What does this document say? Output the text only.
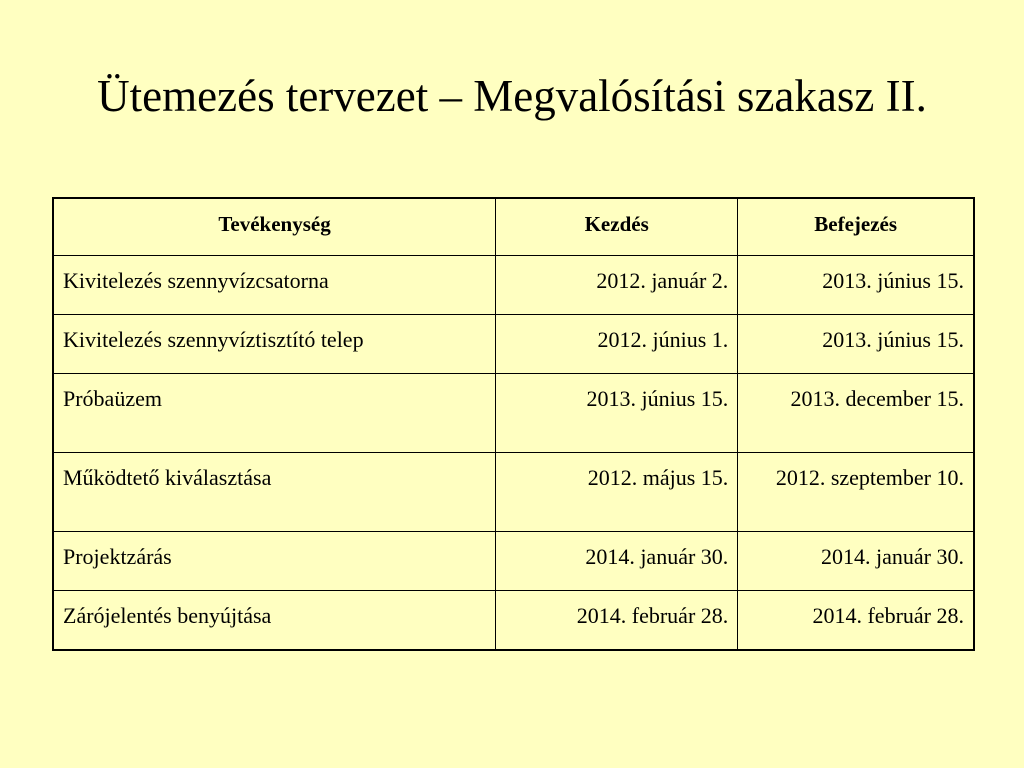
Ütemezés tervezet – Megvalósítási szakasz II.
Tevékenység	Kezdés	Befejezés
Kivitelezés szennyvízcsatorna	2012. január 2.	2013. június 15.
Kivitelezés szennyvíztisztító telep	2012. június 1.	2013. június 15.
Próbaüzem	2013. június 15.	2013. december 15.
Működtető kiválasztása	2012. május 15.	2012. szeptember 10.
Projektzárás	2014. január 30.	2014. január 30.
Zárójelentés benyújtása	2014. február 28.	2014. február 28.
